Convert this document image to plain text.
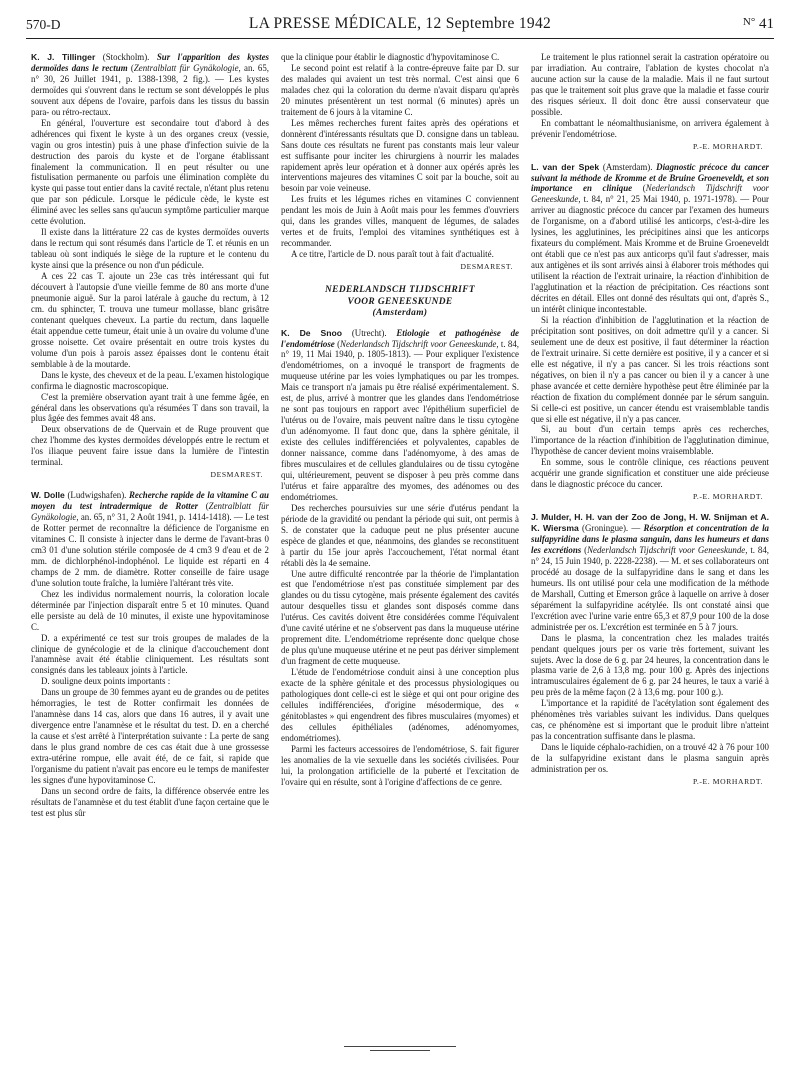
570-D	LA PRESSE MÉDICALE, 12 Septembre 1942	$^{N^\circ}$ 41

K. J. Tillinger (Stockholm). Sur l'apparition des kystes dermoïdes dans le rectum (Zentralblatt für Gynäkologie, an. 65, n° 30, 26 Juillet 1941, p. 1388-1398, 2 fig.). — Les kystes dermoïdes qui s'ouvrent dans le rectum se sont développés le plus souvent aux dépens de l'ovaire, parfois dans les tissus du bassin para- ou rétro-rectaux.

En général, l'ouverture est secondaire tout d'abord à des adhérences qui fixent le kyste à un des organes creux (vessie, vagin ou gros intestin) puis à une phase d'infection suivie de la destruction des parois du kyste et de l'organe établissant finalement la communication. Il en peut résulter ou une fistulisation permanente ou parfois une élimination complète du kyste qui passe tout entier dans la cavité rectale, n'étant plus retenu que par son pédicule. Lorsque le pédicule cède, le kyste est éliminé avec les selles sans qu'aucun symptôme particulier marque cette évolution.

Il existe dans la littérature 22 cas de kystes dermoïdes ouverts dans le rectum qui sont résumés dans l'article de T. et réunis en un tableau où sont indiqués le siège de la rupture et le contenu du kyste ainsi que la présence ou non d'un pédicule.

A ces 22 cas T. ajoute un 23e cas très intéressant qui fut découvert à l'autopsie d'une vieille femme de 80 ans morte d'une pneumonie aiguë. Sur la paroi latérale à gauche du rectum, à 12 cm. du sphincter, T. trouva une tumeur mollasse, blanc grisâtre contenant quelques cheveux. La partie du rectum, dans laquelle était appendue cette tumeur, était unie à un ovaire du volume d'une grosse noisette. Cet ovaire présentait en outre trois kystes du volume d'un pois à parois assez épaisses dont le contenu était semblable à de la moutarde.

Dans le kyste, des cheveux et de la peau. L'examen histologique confirma le diagnostic macroscopique.

C'est la première observation ayant trait à une femme âgée, en général dans les observations qu'a résumées T dans son travail, la plus âgée des femmes avait 48 ans.

Deux observations de de Quervain et de Ruge prouvent que chez l'homme des kystes dermoïdes développés entre le rectum et l'os iliaque peuvent faire issue dans la lumière de l'intestin terminal.

DESMAREST.

W. Dolle (Ludwigshafen). Recherche rapide de la vitamine C au moyen du test intradermique de Rotter (Zentralblatt für Gynäkologie, an. 65, n° 31, 2 Août 1941, p. 1414-1418). — Le test de Rotter permet de reconnaître la déficience de l'organisme en vitamines C. Il consiste à injecter dans le derme de l'avant-bras 0 cm3 01 d'une solution stérile composée de 4 cm3 9 d'eau et de 2 mm. de dichlorphénol-indophénol. Le liquide est réparti en 4 champs de 2 mm. de diamètre. Rotter conseille de faire usage d'une solution toute fraîche, la lumière l'altérant très vite.

Chez les individus normalement nourris, la coloration locale déterminée par l'injection disparaît entre 5 et 10 minutes. Quand elle persiste au delà de 10 minutes, il existe une hypovitaminose C.

D. a expérimenté ce test sur trois groupes de malades de la clinique de gynécologie et de la clinique d'accouchement dont l'anamnèse avait été établie cliniquement. Les résultats sont consignés dans les tableaux joints à l'article.

D. souligne deux points importants :

Dans un groupe de 30 femmes ayant eu de grandes ou de petites hémorragies, le test de Rotter confirmait les données de l'anamnèse dans 14 cas, alors que dans 16 autres, il y avait une divergence entre l'anamnèse et le résultat du test. D. en a cherché la cause et s'est arrêté à l'interprétation suivante : La perte de sang dans le plus grand nombre de ces cas était due à une grossesse extra-utérine rompue, elle avait été, de ce fait, si rapide que l'organisme du patient n'avait pas encore eu le temps de manifester les signes d'une hypovitaminose C.

Dans un second ordre de faits, la différence observée entre les résultats de l'anamnèse et du test établit d'une façon certaine que le test est plus sûr

que la clinique pour établir le diagnostic d'hypovitaminose C.

Le second point est relatif à la contre-épreuve faite par D. sur des malades qui avaient un test très normal. C'est ainsi que 6 malades chez qui la coloration du derme n'avait disparu qu'après 20 minutes présentèrent un test normal (6 minutes) après un traitement de 6 jours à la vitamine C.

Les mêmes recherches furent faites après des opérations et donnèrent d'intéressants résultats que D. consigne dans un tableau. Sans doute ces résultats ne furent pas constants mais leur valeur est suffisante pour inciter les chirurgiens à nourrir les malades rapidement après leur opération et à donner aux opérés après les interventions majeures des vitamines C soit par la bouche, soit au besoin par voie veineuse.

Les fruits et les légumes riches en vitamines C conviennent pendant les mois de Juin à Août mais pour les femmes d'ouvriers qui, dans les grandes villes, manquent de légumes, de salades vertes et de fruits, l'emploi des vitamines synthétiques est à recommander.

A ce titre, l'article de D. nous paraît tout à fait d'actualité.

DESMAREST.

NEDERLANDSCH TIJDSCHRIFT
VOOR GENEESKUNDE
(Amsterdam)

K. De Snoo (Utrecht). Etiologie et pathogénèse de l'endométriose (Nederlandsch Tijdschrift voor Geneeskunde, t. 84, n° 19, 11 Mai 1940, p. 1805-1813). — Pour expliquer l'existence d'endométriomes, on a invoqué le transport de fragments de muqueuse utérine par les voies lymphatiques ou par les trompes. Mais ce transport n'a jamais pu être réalisé expérimentalement. S. est, de plus, arrivé à montrer que les glandes dans l'endométriose ne sont pas toujours en rapport avec l'épithélium superficiel de l'utérus ou de l'ovaire, mais peuvent naître dans le tissu cytogène d'un adénomyome. Il faut donc que, dans la sphère génitale, il existe des cellules indifférenciées et polyvalentes, capables de donner naissance, comme dans l'adénomyome, à des amas de fibres musculaires et de cellules glandulaires ou de tissu cytogène qui, ultérieurement, peuvent se disposer à peu près comme dans l'utérus et faire apparaître des myomes, des adénomes ou des endométriomes.

Des recherches poursuivies sur une série d'utérus pendant la période de la gravidité ou pendant la période qui suit, ont permis à S. de constater que la caduque peut ne plus présenter aucune espèce de glandes et que, néanmoins, des glandes se reconstituent à partir du 15e jour après l'accouchement, l'état normal étant rétabli dès la 4e semaine.

Une autre difficulté rencontrée par la théorie de l'implantation est que l'endométriose n'est pas constituée simplement par des glandes ou du tissu cytogène, mais présente également des cavités autour desquelles tissu et glandes sont disposés comme dans l'utérus. Ces cavités doivent être considérées comme l'équivalent d'une cavité utérine et ne s'observent pas dans la muqueuse utérine proprement dite. L'endométriome représente donc quelque chose de plus qu'une muqueuse utérine et ne peut pas dériver simplement d'un fragment de cette muqueuse.

L'étude de l'endométriose conduit ainsi à une conception plus exacte de la sphère génitale et des processus physiologiques ou pathologiques dont celle-ci est le siège et qui ont pour origine des cellules indifférenciées, d'origine mésodermique, des « génitoblastes » qui engendrent des fibres musculaires (myomes) et des cellules épithéliales (adénomes, adénomyomes, endométriomes).

Parmi les facteurs accessoires de l'endométriose, S. fait figurer les anomalies de la vie sexuelle dans les sociétés civilisées. Pour lui, la prolongation artificielle de la puberté et l'excitation de l'ovaire qui en résulte, sont à l'origine d'affections de ce genre.

Le traitement le plus rationnel serait la castration opératoire ou par irradiation. Au contraire, l'ablation de kystes chocolat n'a aucune action sur la cause de la maladie. Mais il ne faut surtout pas que le traitement soit plus grave que la maladie et fasse courir des risques sérieux. Il doit donc être aussi conservateur que possible.

En combattant le néomalthusianisme, on arrivera également à prévenir l'endométriose.

P.-E. MORHARDT.

L. van der Spek (Amsterdam). Diagnostic précoce du cancer suivant la méthode de Kromme et de Bruine Groeneveldt, et son importance en clinique (Nederlandsch Tijdschrift voor Geneeskunde, t. 84, n° 21, 25 Mai 1940, p. 1971-1978). — Pour arriver au diagnostic précoce du cancer par l'examen des humeurs de l'organisme, on a d'abord utilisé les anticorps, c'est-à-dire les lysines, les agglutinines, les précipitines ainsi que les anticorps fixateurs du complément. Mais Kromme et de Bruine Groeneveldt ont établi que ce n'est pas aux anticorps qu'il faut s'adresser, mais aux antigènes et ils sont arrivés ainsi à élaborer trois méthodes qui utilisent la réaction de l'extrait urinaire, la réaction d'inhibition de l'agglutination et la réaction de précipitation. Ces réactions sont décrites en détail. Elles ont donné des résultats qui ont, d'après S., un intérêt clinique incontestable.

Si la réaction d'inhibition de l'agglutination et la réaction de précipitation sont positives, on doit admettre qu'il y a cancer. Si seulement une de deux est positive, il faut déterminer la réaction de l'extrait urinaire. Si cette dernière est positive, il y a cancer et si elle est négative, il n'y a pas cancer. Si les trois réactions sont négatives, on bien il n'y a pas cancer ou bien il y a cancer à une phase avancée et cette dernière hypothèse peut être éliminée par la réaction de fixation du complément donnée par le sérum sanguin. Si celle-ci est positive, un cancer étendu est vraisemblable tandis que si elle est négative, il n'y a pas cancer.

Si, au bout d'un certain temps après ces recherches, l'importance de la réaction d'inhibition de l'agglutination diminue, l'hypothèse de cancer devient moins vraisemblable.

En somme, sous le contrôle clinique, ces réactions peuvent acquérir une grande signification et constituer une aide précieuse dans le diagnostic précoce du cancer.

P.-E. MORHARDT.

J. Mulder, H. H. van der Zoo de Jong, H. W. Snijman et A. K. Wiersma (Groningue). — Résorption et concentration de la sulfapyridine dans le plasma sanguin, dans les humeurs et dans les excrétions (Nederlandsch Tijdschrift voor Geneeskunde, t. 84, n° 24, 15 Juin 1940, p. 2228-2238). — M. et ses collaborateurs ont procédé au dosage de la sulfapyridine dans le sang et dans les humeurs. Ils ont utilisé pour cela une modification de la méthode de Marshall, Cutting et Emerson grâce à laquelle on arrive à doser séparément la sulfapyridine acétylée. Ils ont constaté ainsi que l'excrétion avec l'urine varie entre 65,3 et 87,9 pour 100 de la dose administrée per os. L'excrétion est terminée en 5 à 7 jours.

Dans le plasma, la concentration chez les malades traités pendant quelques jours per os varie très fortement, suivant les sujets. Avec la dose de 6 g. par 24 heures, la concentration dans le plasma varie de 2,6 à 13,8 mg. pour 100 g. Après des injections intramusculaires également de 6 g. par 24 heures, le taux a varié à peu près de la même façon (2 à 13,6 mg. pour 100 g.).

L'importance et la rapidité de l'acétylation sont également des phénomènes très variables suivant les individus. Dans quelques cas, ce phénomène est si important que le produit libre n'atteint pas la concentration suffisante dans le plasma.

Dans le liquide céphalo-rachidien, on a trouvé 42 à 76 pour 100 de la sulfapyridine existant dans le plasma sanguin après administration per os.

P.-E. MORHARDT.
